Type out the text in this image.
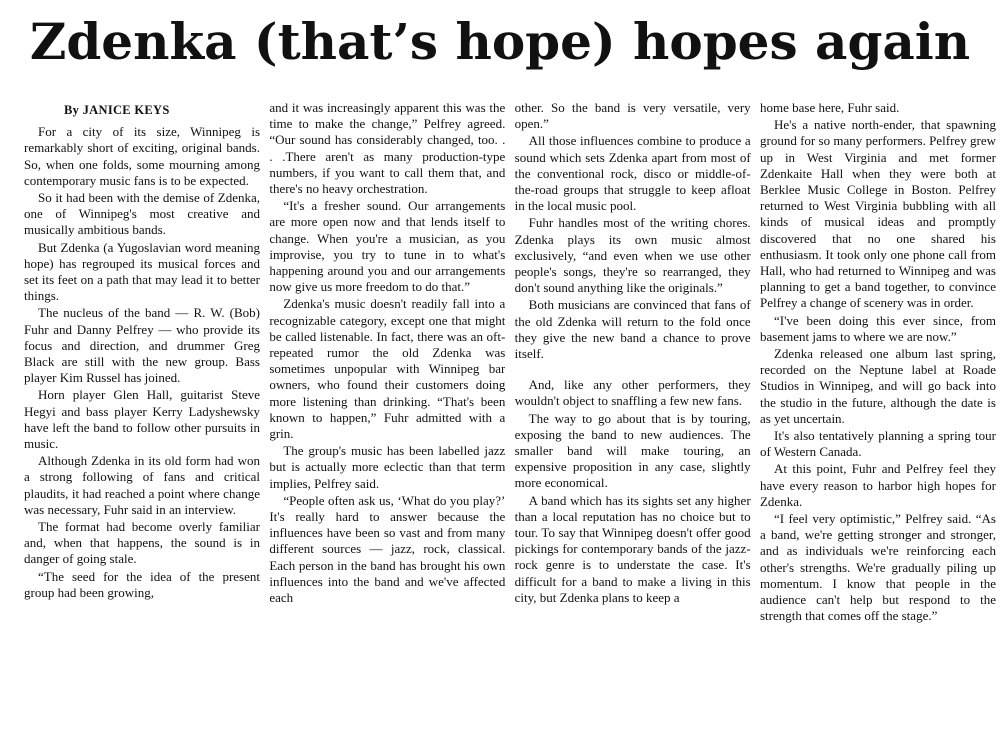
Zdenka (that’s hope) hopes again
By JANICE KEYS

For a city of its size, Winnipeg is remarkably short of exciting, original bands. So, when one folds, some mourning among contemporary music fans is to be expected.

So it had been with the demise of Zdenka, one of Winnipeg's most creative and musically ambitious bands.

But Zdenka (a Yugoslavian word meaning hope) has regrouped its musical forces and set its feet on a path that may lead it to better things.

The nucleus of the band — R. W. (Bob) Fuhr and Danny Pelfrey — who provide its focus and direction, and drummer Greg Black are still with the new group. Bass player Kim Russel has joined.

Horn player Glen Hall, guitarist Steve Hegyi and bass player Kerry Ladyshewsky have left the band to follow other pursuits in music.

Although Zdenka in its old form had won a strong following of fans and critical plaudits, it had reached a point where change was necessary, Fuhr said in an interview.

The format had become overly familiar and, when that happens, the sound is in danger of going stale.

“The seed for the idea of the present group had been growing,

and it was increasingly apparent this was the time to make the change,” Pelfrey agreed. “Our sound has considerably changed, too. . . .There aren't as many production-type numbers, if you want to call them that, and there's no heavy orchestration.

“It's a fresher sound. Our arrangements are more open now and that lends itself to change. When you're a musician, as you improvise, you try to tune in to what's happening around you and our arrangements now give us more freedom to do that.”

Zdenka's music doesn't readily fall into a recognizable category, except one that might be called listenable. In fact, there was an oft-repeated rumor the old Zdenka was sometimes unpopular with Winnipeg bar owners, who found their customers doing more listening than drinking. “That's been known to happen,” Fuhr admitted with a grin.

The group's music has been labelled jazz but is actually more eclectic than that term implies, Pelfrey said.

“People often ask us, ‘What do you play?’ It's really hard to answer because the influences have been so vast and from many different sources — jazz, rock, classical. Each person in the band has brought his own influences into the band and we've affected each

other. So the band is very versatile, very open.”

All those influences combine to produce a sound which sets Zdenka apart from most of the conventional rock, disco or middle-of-the-road groups that struggle to keep afloat in the local music pool.

Fuhr handles most of the writing chores. Zdenka plays its own music almost exclusively, “and even when we use other people's songs, they're so rearranged, they don't sound anything like the originals.”

Both musicians are convinced that fans of the old Zdenka will return to the fold once they give the new band a chance to prove itself.

And, like any other performers, they wouldn't object to snaffling a few new fans.

The way to go about that is by touring, exposing the band to new audiences. The smaller band will make touring, an expensive proposition in any case, slightly more economical.

A band which has its sights set any higher than a local reputation has no choice but to tour. To say that Winnipeg doesn't offer good pickings for contemporary bands of the jazz-rock genre is to understate the case. It's difficult for a band to make a living in this city, but Zdenka plans to keep a

home base here, Fuhr said.

He's a native north-ender, that spawning ground for so many performers. Pelfrey grew up in West Virginia and met former Zdenkaite Hall when they were both at Berklee Music College in Boston. Pelfrey returned to West Virginia bubbling with all kinds of musical ideas and promptly discovered that no one shared his enthusiasm. It took only one phone call from Hall, who had returned to Winnipeg and was planning to get a band together, to convince Pelfrey a change of scenery was in order.

“I've been doing this ever since, from basement jams to where we are now.”

Zdenka released one album last spring, recorded on the Neptune label at Roade Studios in Winnipeg, and will go back into the studio in the future, although the date is as yet uncertain.

It's also tentatively planning a spring tour of Western Canada.

At this point, Fuhr and Pelfrey feel they have every reason to harbor high hopes for Zdenka.

“I feel very optimistic,” Pelfrey said. “As a band, we're getting stronger and stronger, and as individuals we're reinforcing each other's strengths. We're gradually piling up momentum. I know that people in the audience can't help but respond to the strength that comes off the stage.”
